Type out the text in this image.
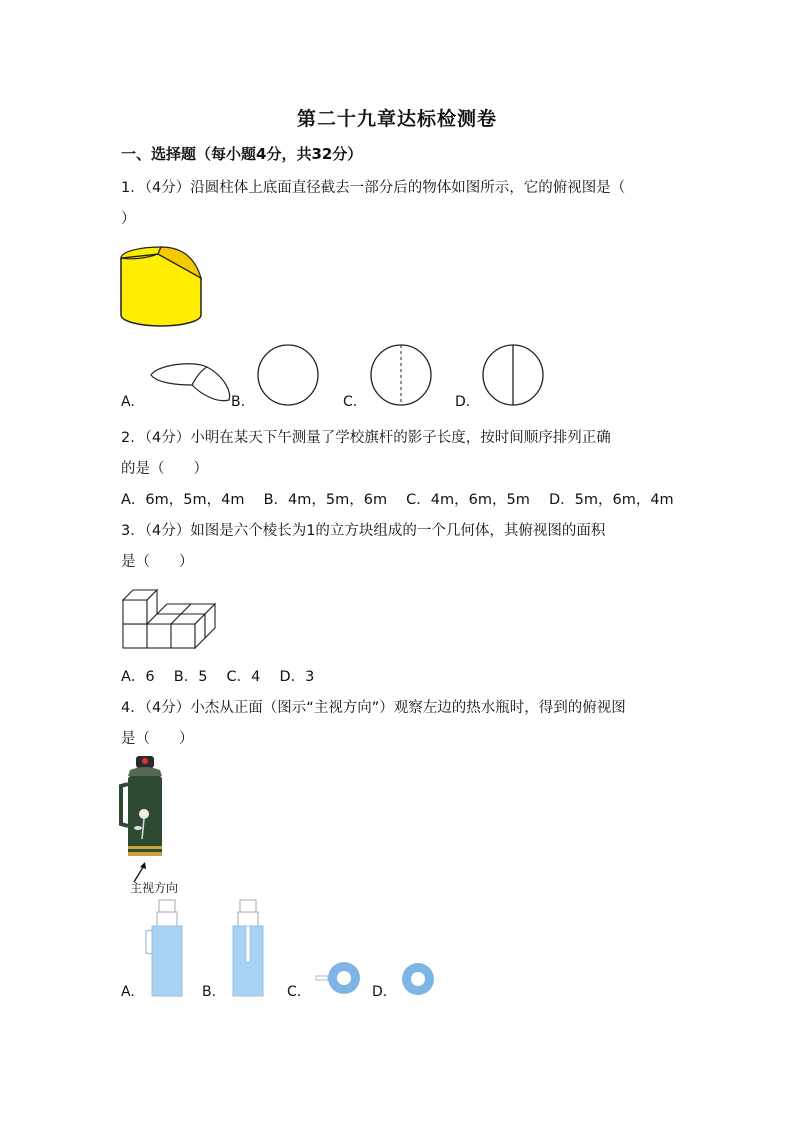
第二十九章达标检测卷
一、选择题（每小题4分，共32分）
1．（4分）沿圆柱体上底面直径截去一部分后的物体如图所示，它的俯视图是（
）
A.	B.	C.	D.
2．（4分）小明在某天下午测量了学校旗杆的影子长度，按时间顺序排列正确
的是（　　）
A．6m，5m，4m　 B．4m，5m，6m　 C．4m，6m，5m　 D．5m，6m，4m
3．（4分）如图是六个棱长为1的立方块组成的一个几何体，其俯视图的面积
是（　　）
A．6　 B．5　 C．4　 D．3
4．（4分）小杰从正面（图示“主视方向”）观察左边的热水瓶时，得到的俯视图
是（　　）
主视方向
A.	B.	C.	D.
